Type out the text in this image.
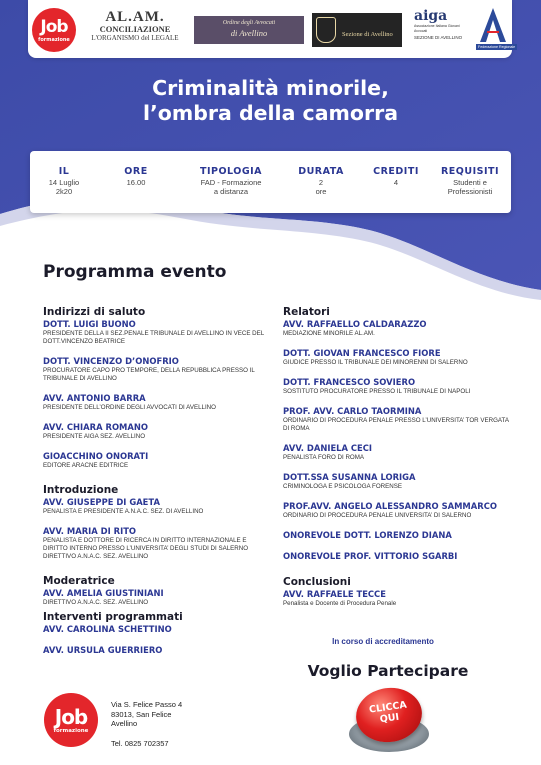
Job
formazione
AL.AM.
CONCILIAZIONE
L'ORGANISMO del LEGALE
Ordine degli Avvocati
di Avellino	Sezione di Avellino
aiga
Associazione Italiana Giovani Avvocati
SEZIONE DI AVELLINO
Federazione Regionale
Criminalità minorile,
l’ombra della camorra
IL
14 Luglio
2k20
ORE
16.00
TIPOLOGIA
FAD - Formazione
a distanza
DURATA
2
ore
CREDITI
4
REQUISITI
Studenti e
Professionisti
Programma evento
Indirizzi di saluto
DOTT. LUIGI BUONO
PRESIDENTE DELLA II SEZ.PENALE TRIBUNALE DI AVELLINO IN VECE DEL DOTT.VINCENZO BEATRICE
DOTT. VINCENZO D’ONOFRIO
PROCURATORE CAPO PRO TEMPORE, DELLA REPUBBLICA PRESSO IL TRIBUNALE DI AVELLINO
AVV. ANTONIO BARRA
PRESIDENTE DELL’ORDINE DEGLI AVVOCATI DI AVELLINO
AVV. CHIARA ROMANO
PRESIDENTE AIGA SEZ. AVELLINO
GIOACCHINO ONORATI
EDITORE ARACNE EDITRICE
Introduzione
AVV. GIUSEPPE DI GAETA
PENALISTA E PRESIDENTE A.N.A.C. SEZ. DI AVELLINO
AVV. MARIA DI RITO
PENALISTA E DOTTORE DI RICERCA IN DIRITTO INTERNAZIONALE E DIRITTO INTERNO PRESSO L’UNIVERSITA’ DEGLI STUDI DI SALERNO DIRETTIVO A.N.A.C. SEZ. AVELLINO
Moderatrice
AVV. AMELIA GIUSTINIANI
DIRETTIVO A.N.A.C. SEZ. AVELLINO
Interventi programmati
AVV. CAROLINA SCHETTINO
AVV. URSULA GUERRIERO
Relatori
AVV. RAFFAELLO CALDARAZZO
MEDIAZIONE MINORILE AL.AM.
DOTT. GIOVAN FRANCESCO FIORE
GIUDICE PRESSO IL TRIBUNALE DEI MINORENNI DI SALERNO
DOTT. FRANCESCO SOVIERO
SOSTITUTO PROCURATORE PRESSO IL TRIBUNALE DI NAPOLI
PROF. AVV. CARLO TAORMINA
ORDINARIO DI PROCEDURA PENALE PRESSO L’UNIVERSITA’ TOR VERGATA DI ROMA
AVV. DANIELA CECI
PENALISTA FORO DI ROMA
DOTT.SSA SUSANNA LORIGA
CRIMINOLOGA E PSICOLOGA FORENSE
PROF.AVV. ANGELO ALESSANDRO SAMMARCO
ORDINARIO DI PROCEDURA PENALE UNIVERSITA’ DI SALERNO
ONOREVOLE DOTT. LORENZO DIANA
ONOREVOLE PROF. VITTORIO SGARBI
Conclusioni
AVV. RAFFAELE TECCE
Penalista e Docente di Procedura Penale
In corso di accreditamento
Voglio Partecipare
CLICCA
QUI
Job
formazione
Via S. Felice Passo 4
83013, San Felice
Avellino
Tel. 0825 702357
